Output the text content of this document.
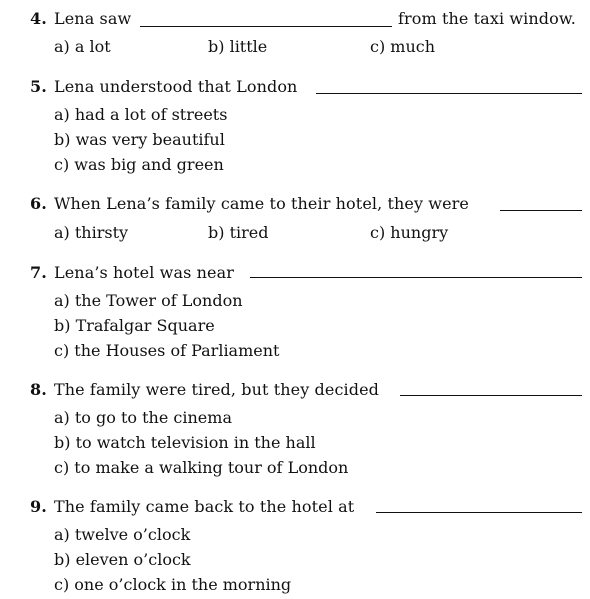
4. Lena saw	from the taxi window.
a) a lot	b) little	c) much
5. Lena understood that London
a) had a lot of streets
b) was very beautiful
c) was big and green
6. When Lena’s family came to their hotel, they were
a) thirsty	b) tired	c) hungry
7. Lena’s hotel was near
a) the Tower of London
b) Trafalgar Square
c) the Houses of Parliament
8. The family were tired, but they decided
a) to go to the cinema
b) to watch television in the hall
c) to make a walking tour of London
9. The family came back to the hotel at
a) twelve o’clock
b) eleven o’clock
c) one o’clock in the morning
